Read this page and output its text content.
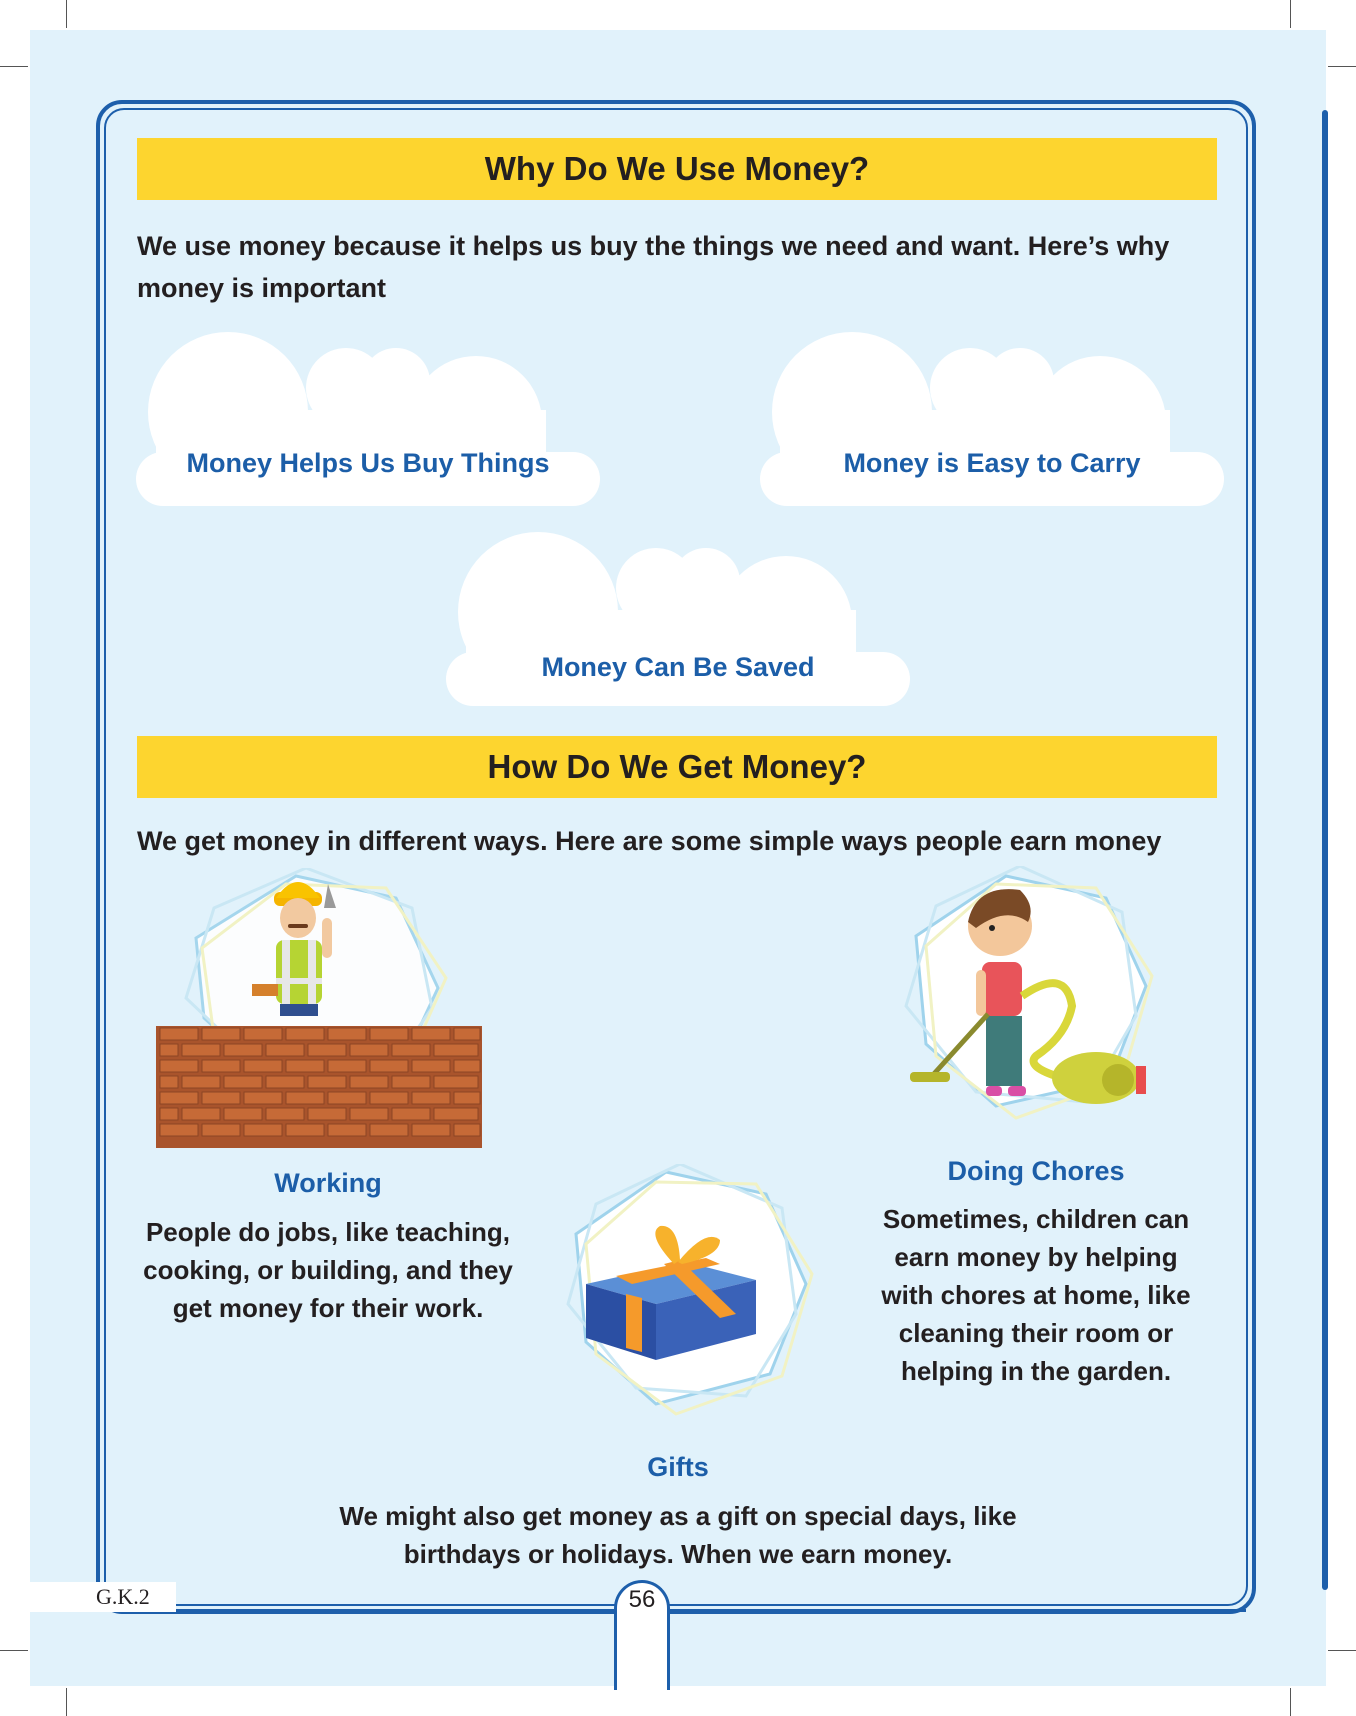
Why Do We Use Money?
We use money because it helps us buy the things we need and want. Here’s why
money is important
Money Helps Us Buy Things	Money is Easy to Carry
Money Can Be Saved
How Do We Get Money?
We get money in different ways. Here are some simple ways people earn money
Working
People do jobs, like teaching,
cooking, or building, and they
get money for their work.
Gifts
We might also get money as a gift on special days, like
birthdays or holidays. When we earn money.
Doing Chores
Sometimes, children can
earn money by helping
with chores at home, like
cleaning their room or
helping in the garden.
G.K.2	56
